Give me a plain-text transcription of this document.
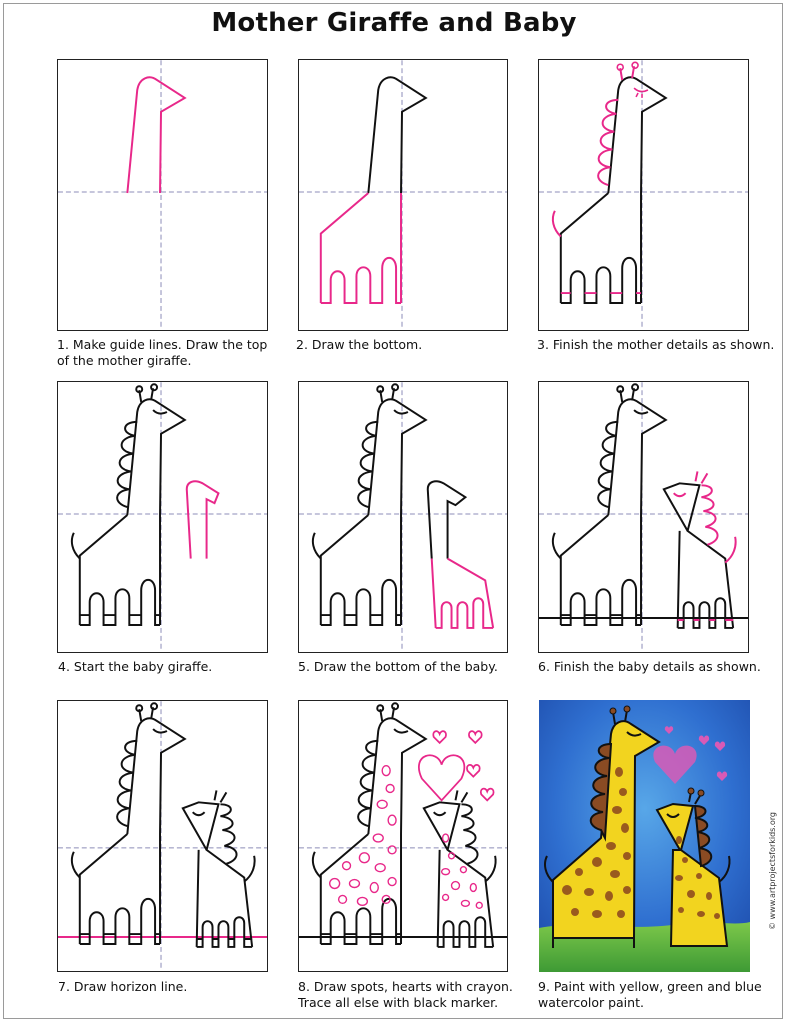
Mother Giraffe and Baby
1. Make guide lines. Draw the top
of the mother giraffe.
2. Draw the bottom.	3. Finish the mother details as shown.
4. Start the baby giraffe.	5. Draw the bottom of the baby.	6. Finish the baby details as shown.
7. Draw horizon line.	8. Draw spots, hearts with crayon.
Trace all else with black marker.
9. Paint with yellow, green and blue
watercolor paint.
© www.artprojectsforkids.org
